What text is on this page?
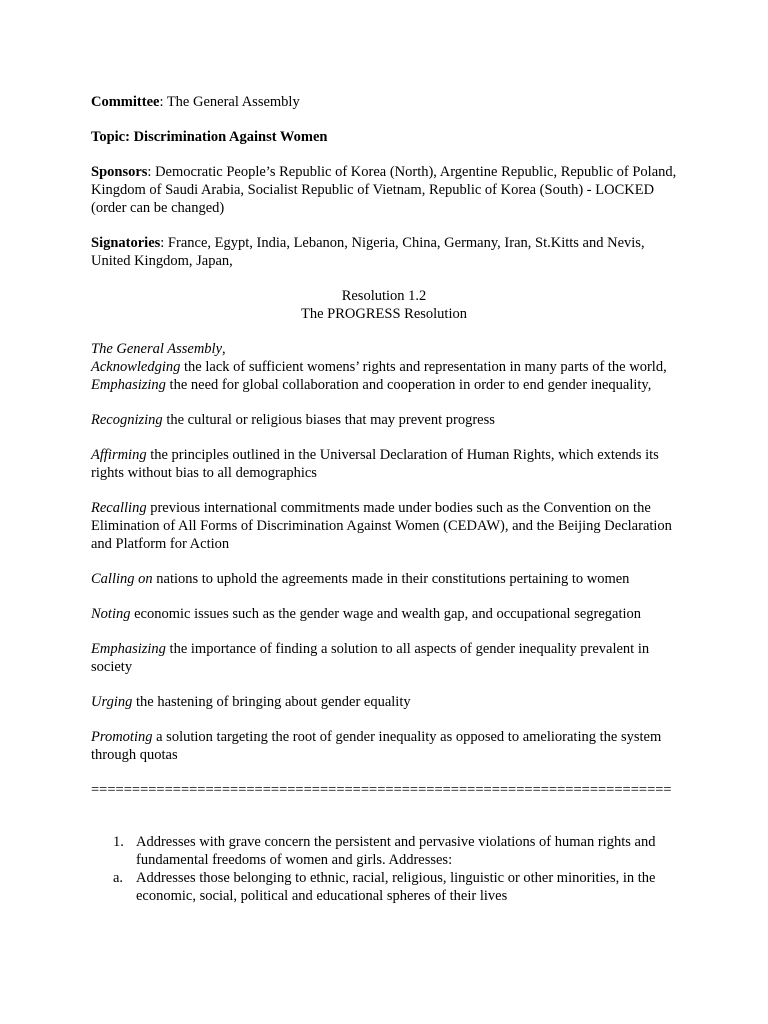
Committee: The General Assembly

Topic: Discrimination Against Women

Sponsors: Democratic People’s Republic of Korea (North), Argentine Republic, Republic of Poland, Kingdom of Saudi Arabia, Socialist Republic of Vietnam, Republic of Korea (South) - LOCKED (order can be changed)

Signatories: France, Egypt, India, Lebanon, Nigeria, China, Germany, Iran, St.Kitts and Nevis, United Kingdom, Japan,

Resolution 1.2

The PROGRESS Resolution

The General Assembly,

Acknowledging the lack of sufficient womens’ rights and representation in many parts of the world,

Emphasizing the need for global collaboration and cooperation in order to end gender inequality,

Recognizing the cultural or religious biases that may prevent progress

Affirming the principles outlined in the Universal Declaration of Human Rights, which extends its rights without bias to all demographics

Recalling previous international commitments made under bodies such as the Convention on the Elimination of All Forms of Discrimination Against Women (CEDAW), and the Beijing Declaration and Platform for Action

Calling on nations to uphold the agreements made in their constitutions pertaining to women

Noting economic issues such as the gender wage and wealth gap, and occupational segregation

Emphasizing the importance of finding a solution to all aspects of gender inequality prevalent in society

Urging the hastening of bringing about gender equality

Promoting a solution targeting the root of gender inequality as opposed to ameliorating the system through quotas

=======================================================================

1. Addresses with grave concern the persistent and pervasive violations of human rights and fundamental freedoms of women and girls. Addresses:
a. Addresses those belonging to ethnic, racial, religious, linguistic or other minorities, in the economic, social, political and educational spheres of their lives
